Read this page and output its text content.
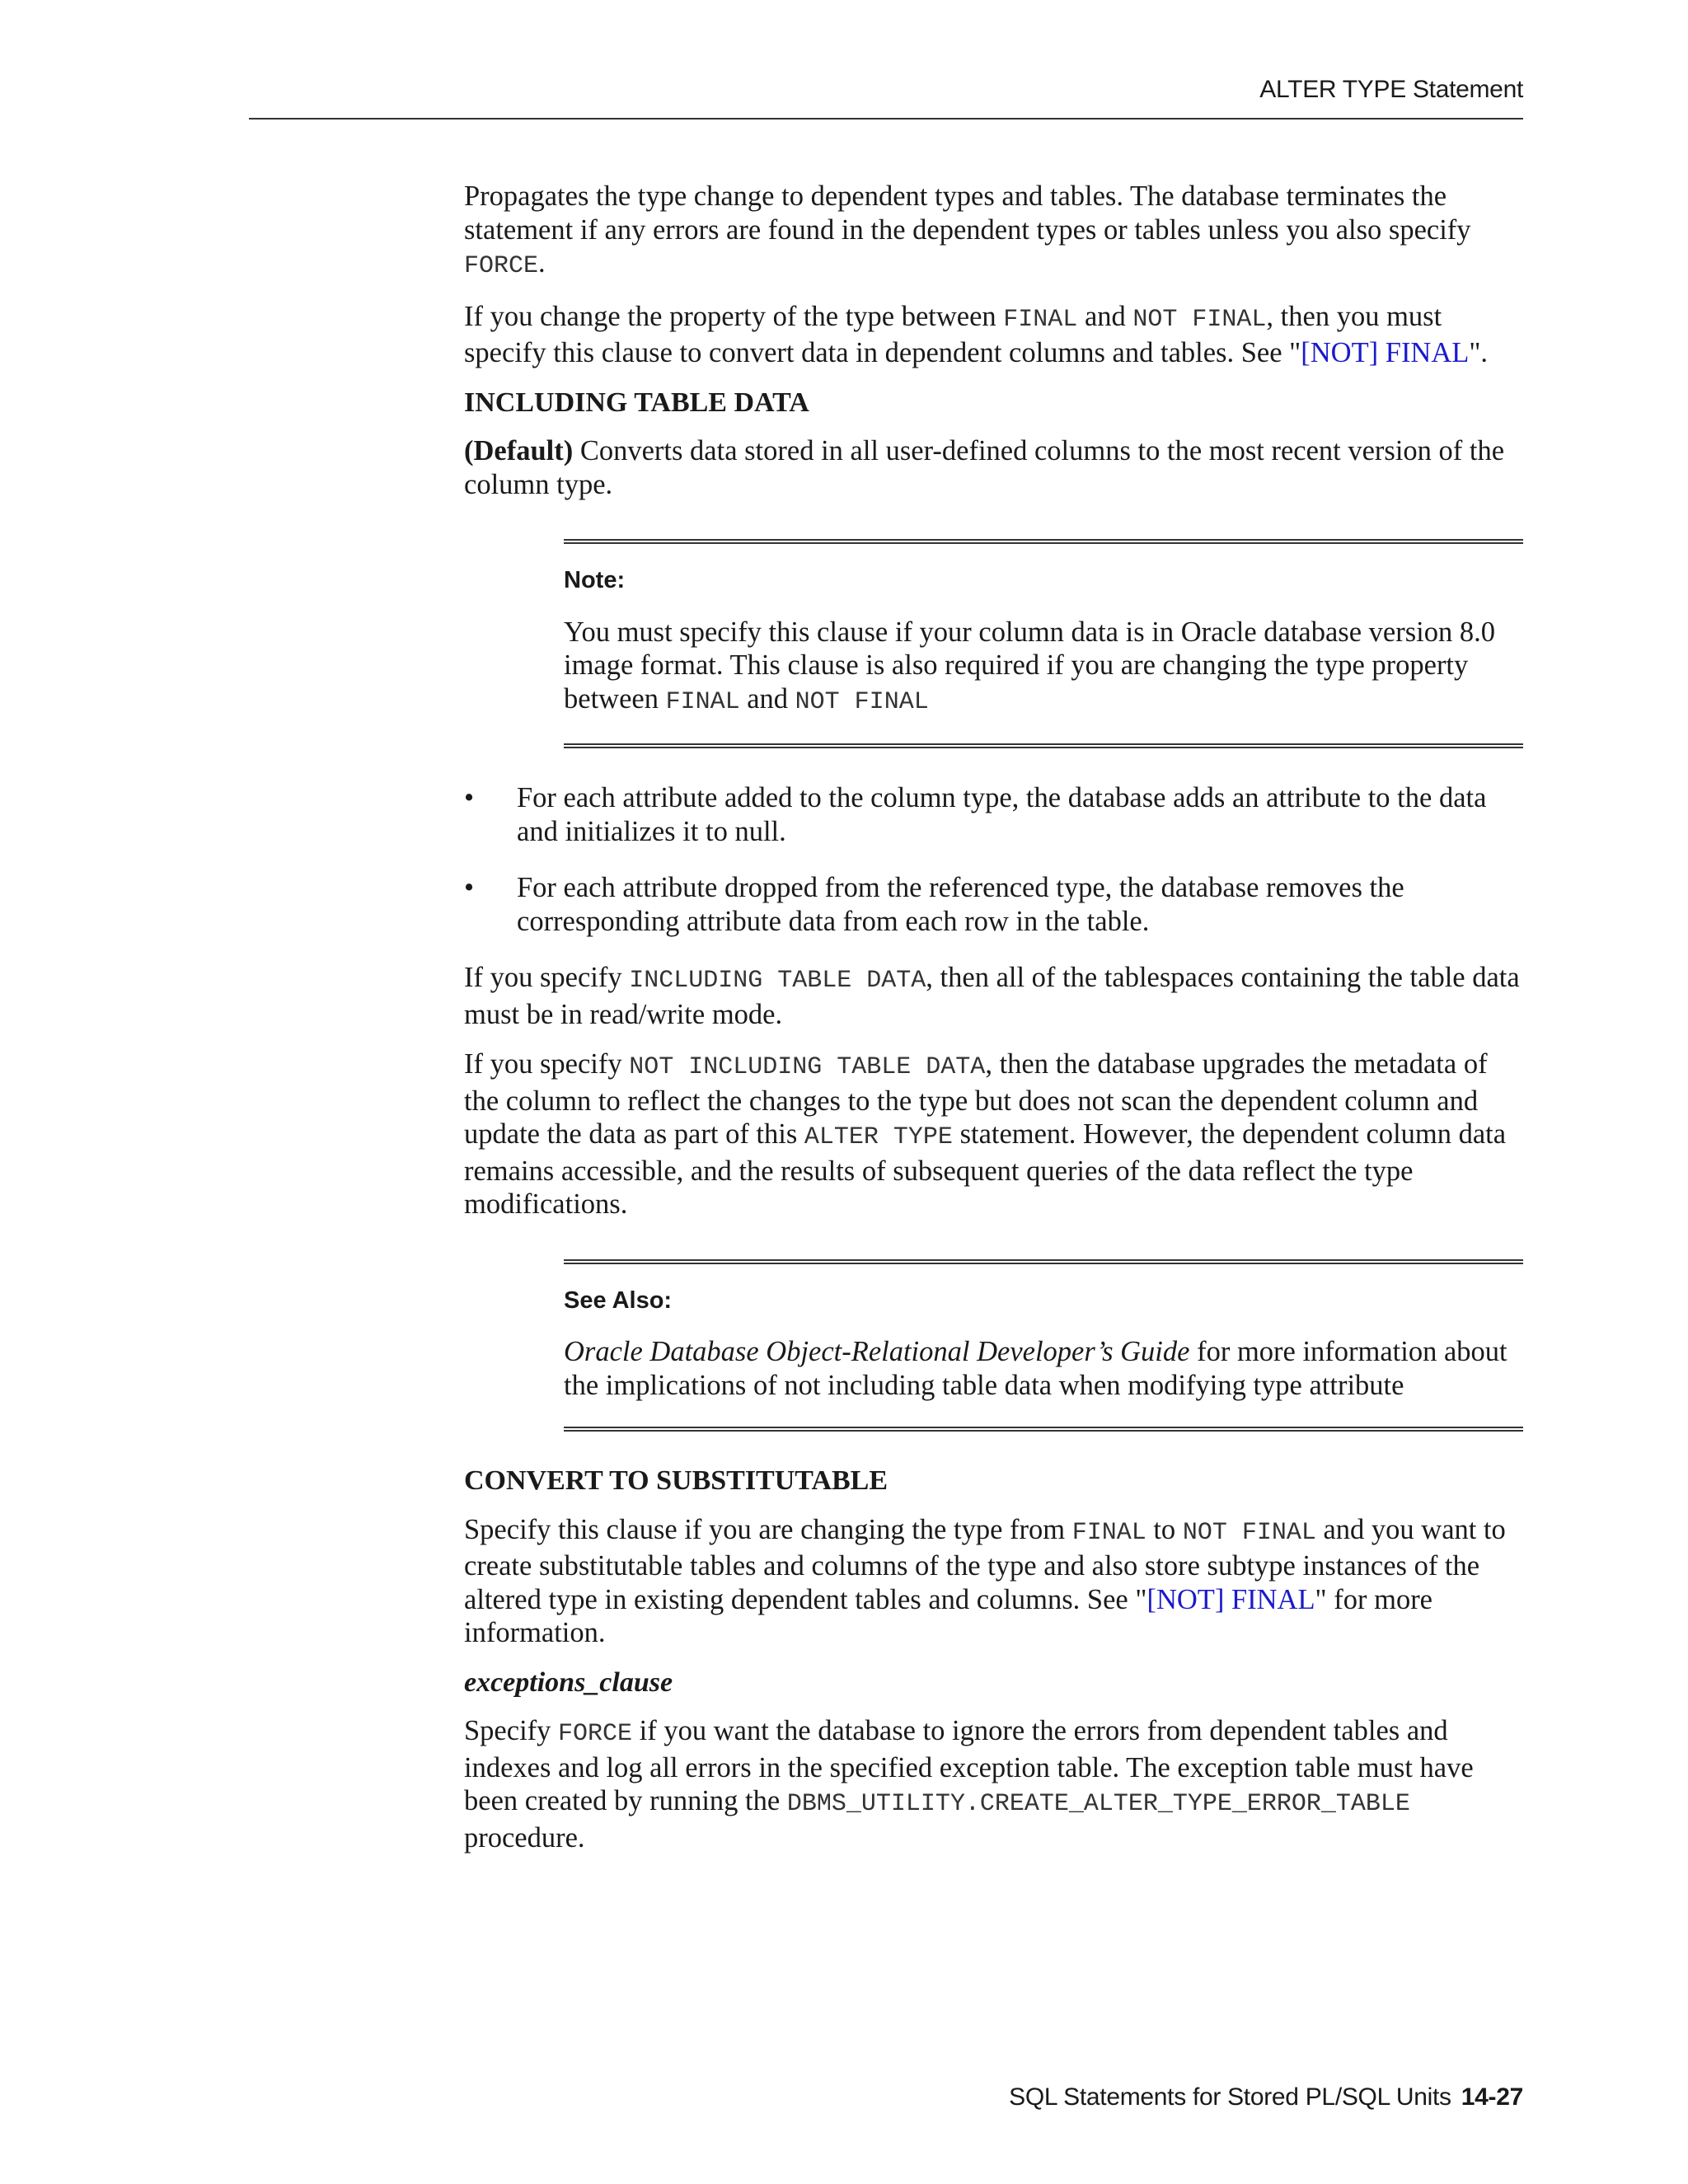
ALTER TYPE Statement

Propagates the type change to dependent types and tables. The database terminates the statement if any errors are found in the dependent types or tables unless you also specify FORCE.

If you change the property of the type between FINAL and NOT FINAL, then you must specify this clause to convert data in dependent columns and tables. See "[NOT] FINAL".

INCLUDING TABLE DATA

(Default) Converts data stored in all user-defined columns to the most recent version of the column type.

Note:
You must specify this clause if your column data is in Oracle database version 8.0 image format. This clause is also required if you are changing the type property between FINAL and NOT FINAL
• For each attribute added to the column type, the database adds an attribute to the data and initializes it to null.
• For each attribute dropped from the referenced type, the database removes the corresponding attribute data from each row in the table.

If you specify INCLUDING TABLE DATA, then all of the tablespaces containing the table data must be in read/write mode.

If you specify NOT INCLUDING TABLE DATA, then the database upgrades the metadata of the column to reflect the changes to the type but does not scan the dependent column and update the data as part of this ALTER TYPE statement. However, the dependent column data remains accessible, and the results of subsequent queries of the data reflect the type modifications.

See Also:
Oracle Database Object-Relational Developer’s Guide for more information about the implications of not including table data when modifying type attribute
CONVERT TO SUBSTITUTABLE

Specify this clause if you are changing the type from FINAL to NOT FINAL and you want to create substitutable tables and columns of the type and also store subtype instances of the altered type in existing dependent tables and columns. See "[NOT] FINAL" for more information.

exceptions_clause

Specify FORCE if you want the database to ignore the errors from dependent tables and indexes and log all errors in the specified exception table. The exception table must have been created by running the DBMS_UTILITY.CREATE_ALTER_TYPE_ERROR_TABLE procedure.

SQL Statements for Stored PL/SQL Units 14-27
